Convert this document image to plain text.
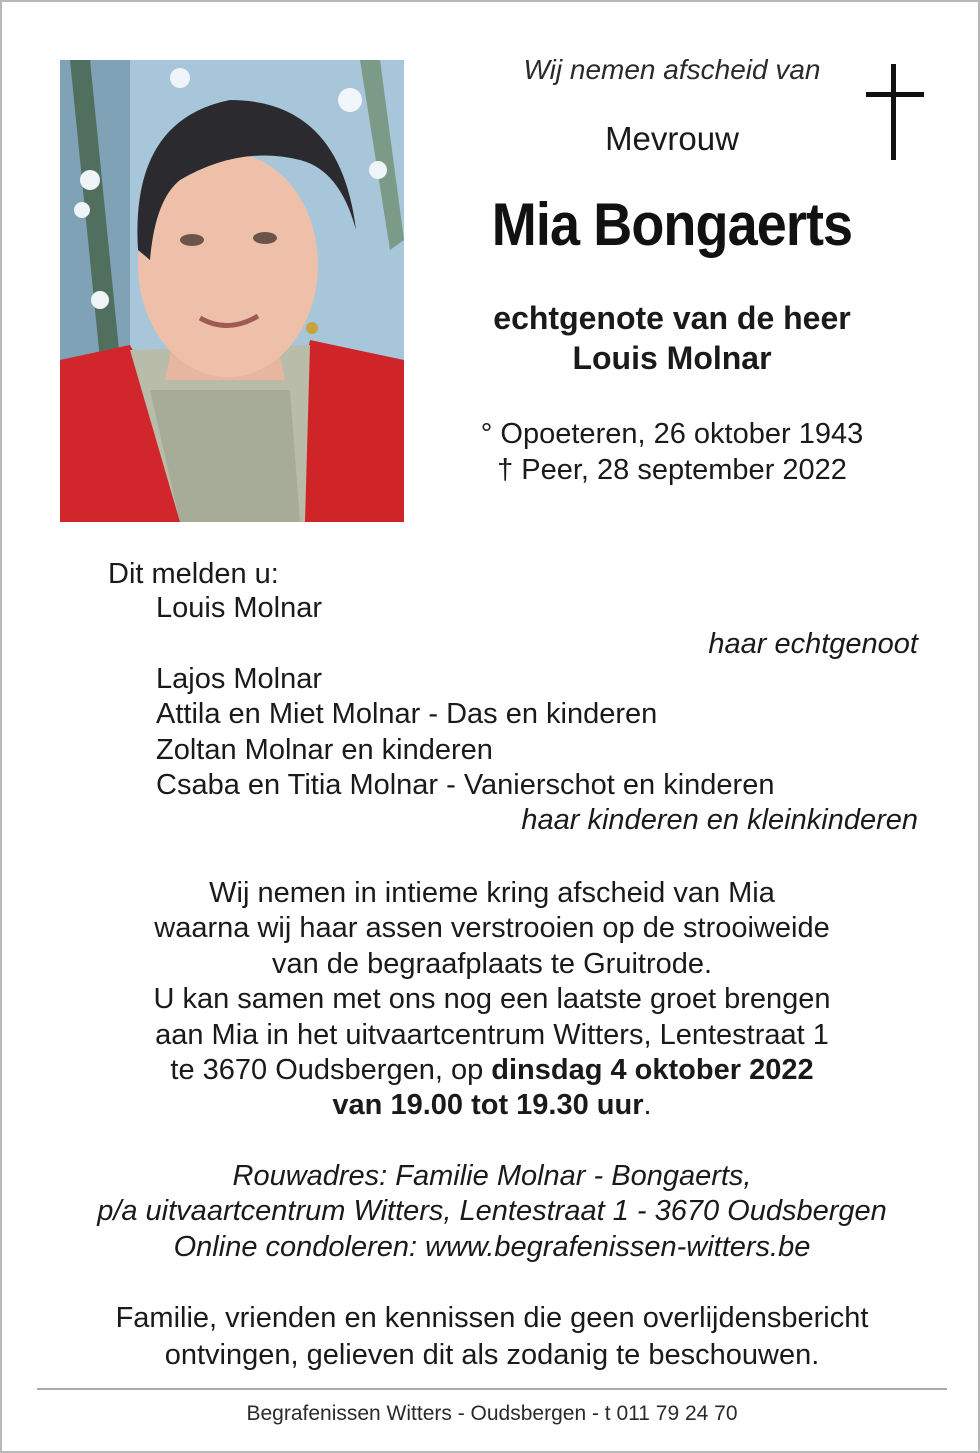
Wij nemen afscheid van
Mevrouw
Mia Bongaerts
echtgenote van de heer
Louis Molnar
° Opoeteren, 26 oktober 1943
† Peer, 28 september 2022
Dit melden u:
Louis Molnar
haar echtgenoot
Lajos Molnar
Attila en Miet Molnar - Das en kinderen
Zoltan Molnar en kinderen
Csaba en Titia Molnar - Vanierschot en kinderen
haar kinderen en kleinkinderen
Wij nemen in intieme kring afscheid van Mia
waarna wij haar assen verstrooien op de strooiweide
van de begraafplaats te Gruitrode.
U kan samen met ons nog een laatste groet brengen
aan Mia in het uitvaartcentrum Witters, Lentestraat 1
te 3670 Oudsbergen, op dinsdag 4 oktober 2022
van 19.00 tot 19.30 uur.
Rouwadres: Familie Molnar - Bongaerts,
p/a uitvaartcentrum Witters, Lentestraat 1 - 3670 Oudsbergen
Online condoleren: www.begrafenissen-witters.be
Familie, vrienden en kennissen die geen overlijdensbericht
ontvingen, gelieven dit als zodanig te beschouwen.
Begrafenissen Witters - Oudsbergen - t 011 79 24 70
